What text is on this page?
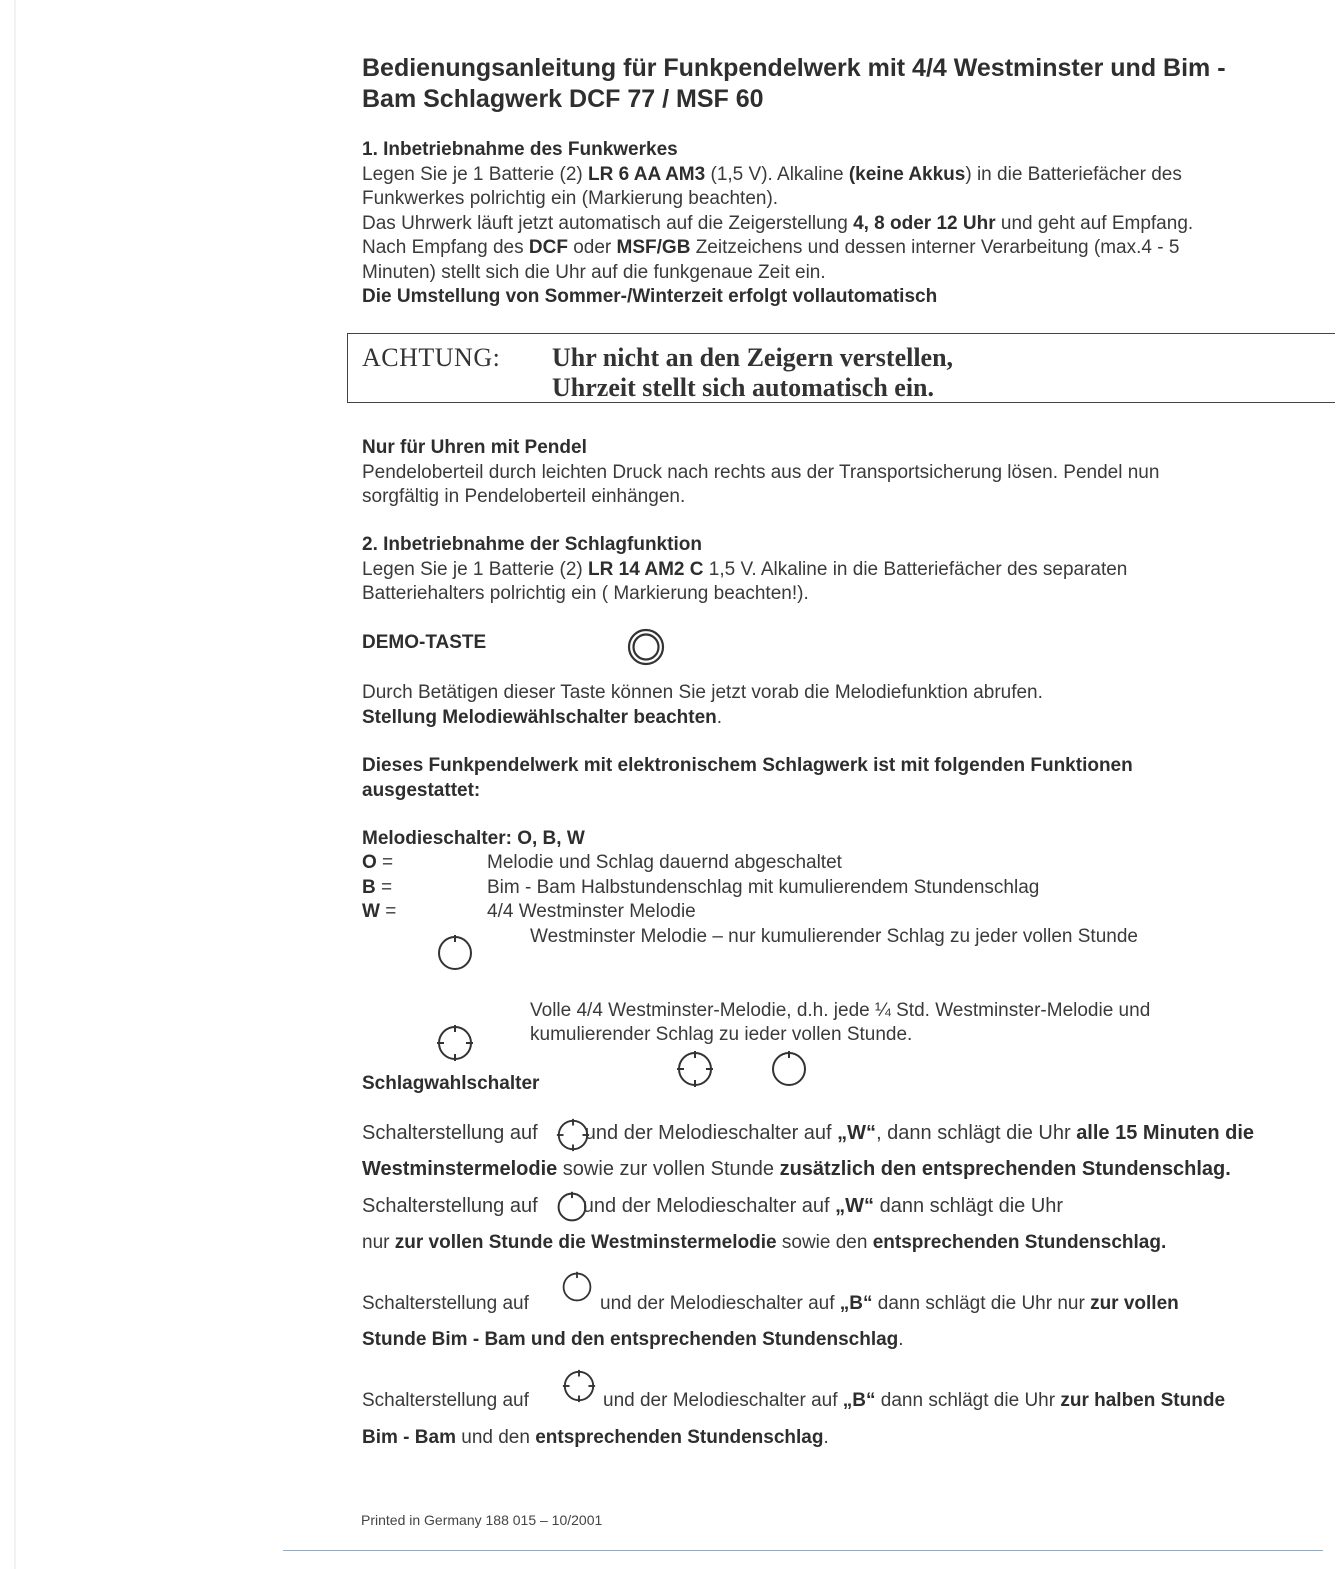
Bedienungsanleitung für Funkpendelwerk mit 4/4 Westminster und Bim -
Bam Schlagwerk DCF 77 / MSF 60

1. Inbetriebnahme des Funkwerkes

Legen Sie je 1 Batterie (2) LR 6 AA AM3 (1,5 V). Alkaline (keine Akkus) in die Batteriefächer des

Funkwerkes polrichtig ein (Markierung beachten).

Das Uhrwerk läuft jetzt automatisch auf die Zeigerstellung 4, 8 oder 12 Uhr und geht auf Empfang.

Nach Empfang des DCF oder MSF/GB Zeitzeichens und dessen interner Verarbeitung (max.4 - 5

Minuten) stellt sich die Uhr auf die funkgenaue Zeit ein.

Die Umstellung von Sommer-/Winterzeit erfolgt vollautomatisch

ACHTUNG: Uhr nicht an den Zeigern verstellen,
Uhrzeit stellt sich automatisch ein.

Nur für Uhren mit Pendel

Pendeloberteil durch leichten Druck nach rechts aus der Transportsicherung lösen. Pendel nun

sorgfältig in Pendeloberteil einhängen.

2. Inbetriebnahme der Schlagfunktion

Legen Sie je 1 Batterie (2) LR 14 AM2 C 1,5 V. Alkaline in die Batteriefächer des separaten

Batteriehalters polrichtig ein ( Markierung beachten!).

DEMO-TASTE

Durch Betätigen dieser Taste können Sie jetzt vorab die Melodiefunktion abrufen.

Stellung Melodiewählschalter beachten.

Dieses Funkpendelwerk mit elektronischem Schlagwerk ist mit folgenden Funktionen

ausgestattet:

Melodieschalter: O, B, W
O =	Melodie und Schlag dauernd abgeschaltet
B =	Bim - Bam Halbstundenschlag mit kumulierendem Stundenschlag
W =	4/4 Westminster Melodie
Westminster Melodie – nur kumulierender Schlag zu jeder vollen Stunde
Volle 4/4 Westminster-Melodie, d.h. jede ¼ Std. Westminster-Melodie und
kumulierender Schlag zu ieder vollen Stunde.
Schlagwahlschalter
Schalterstellung auf  und der Melodieschalter auf „W“, dann schlägt die Uhr alle 15 Minuten die
Westminstermelodie sowie zur vollen Stunde zusätzlich den entsprechenden Stundenschlag.
Schalterstellung auf  und der Melodieschalter auf „W“ dann schlägt die Uhr
nur zur vollen Stunde die Westminstermelodie sowie den entsprechenden Stundenschlag.
Schalterstellung auf	und der Melodieschalter auf „B“ dann schlägt die Uhr nur zur vollen
Stunde Bim - Bam und den entsprechenden Stundenschlag.
Schalterstellung auf	und der Melodieschalter auf „B“ dann schlägt die Uhr zur halben Stunde
Bim - Bam und den entsprechenden Stundenschlag.
Printed in Germany 188 015 – 10/2001
